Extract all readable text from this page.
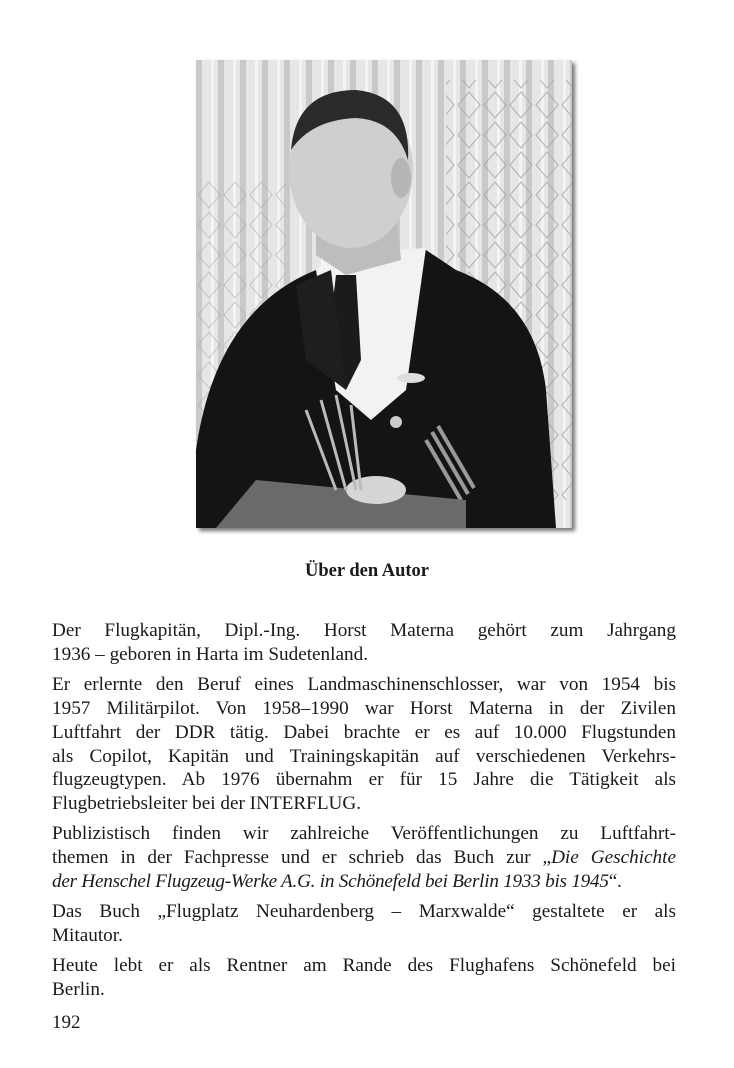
Über den Autor
Der Flugkapitän, Dipl.-Ing. Horst Materna gehört zum Jahrgang
1936 – geboren in Harta im Sudetenland.
Er erlernte den Beruf eines Landmaschinenschlosser, war von 1954 bis
1957 Militärpilot. Von 1958–1990 war Horst Materna in der Zivilen
Luftfahrt der DDR tätig. Dabei brachte er es auf 10.000 Flugstunden
als Copilot, Kapitän und Trainingskapitän auf verschiedenen Verkehrs-
flugzeugtypen. Ab 1976 übernahm er für 15 Jahre die Tätigkeit als
Flugbetriebsleiter bei der INTERFLUG.
Publizistisch finden wir zahlreiche Veröffentlichungen zu Luftfahrt-
themen in der Fachpresse und er schrieb das Buch zur „Die Geschichte
der Henschel Flugzeug-Werke A.G. in Schönefeld bei Berlin 1933 bis 1945“.
Das Buch „Flugplatz Neuhardenberg – Marxwalde“ gestaltete er als
Mitautor.
Heute lebt er als Rentner am Rande des Flughafens Schönefeld bei
Berlin.
192
